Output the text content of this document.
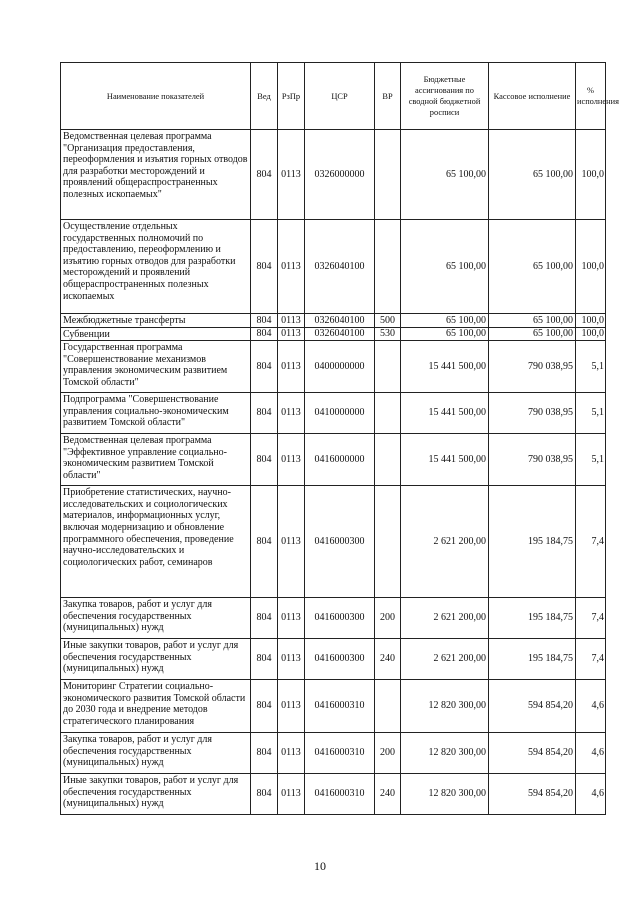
Наименование показателей	Вед	РзПр	ЦСР	ВР	Бюджетные ассигнования по сводной бюджетной росписи	Кассовое исполнение	% исполнения
Ведомственная целевая программа "Организация предоставления, переоформления и изъятия горных отводов для разработки месторождений и проявлений общераспространенных полезных ископаемых"	804	0113	0326000000		65 100,00	65 100,00	100,0
Осуществление отдельных государственных полномочий по предоставлению, переоформлению и изъятию горных отводов для разработки месторождений и проявлений общераспространенных полезных ископаемых	804	0113	0326040100		65 100,00	65 100,00	100,0
Межбюджетные трансферты	804	0113	0326040100	500	65 100,00	65 100,00	100,0
Субвенции	804	0113	0326040100	530	65 100,00	65 100,00	100,0
Государственная программа "Совершенствование механизмов управления экономическим развитием Томской области"	804	0113	0400000000		15 441 500,00	790 038,95	5,1
Подпрограмма "Совершенствование управления социально-экономическим развитием Томской области"	804	0113	0410000000		15 441 500,00	790 038,95	5,1
Ведомственная целевая программа "Эффективное управление социально-экономическим развитием Томской области"	804	0113	0416000000		15 441 500,00	790 038,95	5,1
Приобретение статистических, научно-исследовательских и социологических материалов, информационных услуг, включая модернизацию и обновление программного обеспечения, проведение научно-исследовательских и социологических работ, семинаров	804	0113	0416000300		2 621 200,00	195 184,75	7,4
Закупка товаров, работ и услуг для обеспечения государственных (муниципальных) нужд	804	0113	0416000300	200	2 621 200,00	195 184,75	7,4
Иные закупки товаров, работ и услуг для обеспечения государственных (муниципальных) нужд	804	0113	0416000300	240	2 621 200,00	195 184,75	7,4
Мониторинг Стратегии социально-экономического развития Томской области до 2030 года и внедрение методов стратегического планирования	804	0113	0416000310		12 820 300,00	594 854,20	4,6
Закупка товаров, работ и услуг для обеспечения государственных (муниципальных) нужд	804	0113	0416000310	200	12 820 300,00	594 854,20	4,6
Иные закупки товаров, работ и услуг для обеспечения государственных (муниципальных) нужд	804	0113	0416000310	240	12 820 300,00	594 854,20	4,6
10
